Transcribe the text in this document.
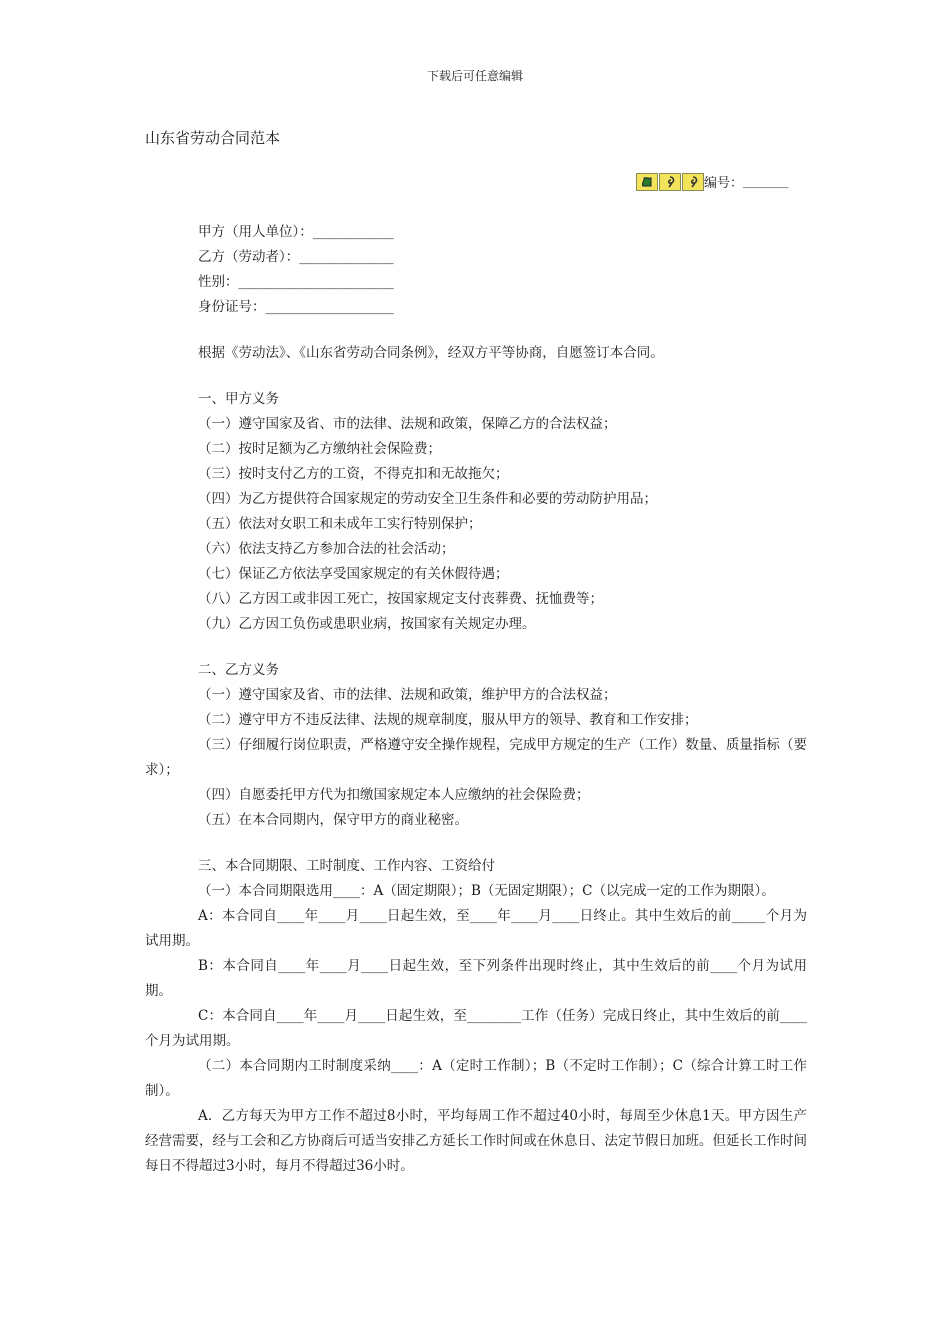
下载后可任意编辑
山东省劳动合同范本
编号： _______
甲方（用人单位）：____________
乙方（劳动者）：______________
性别：_______________________
身份证号：___________________
根据《劳动法》、《山东省劳动合同条例》，经双方平等协商，自愿签订本合同。
一、甲方义务
（一）遵守国家及省、市的法律、法规和政策，保障乙方的合法权益；
（二）按时足额为乙方缴纳社会保险费；
（三）按时支付乙方的工资，不得克扣和无故拖欠；
（四）为乙方提供符合国家规定的劳动安全卫生条件和必要的劳动防护用品；
（五）依法对女职工和未成年工实行特别保护；
（六）依法支持乙方参加合法的社会活动；
（七）保证乙方依法享受国家规定的有关休假待遇；
（八）乙方因工或非因工死亡，按国家规定支付丧葬费、抚恤费等；
（九）乙方因工负伤或患职业病，按国家有关规定办理。
二、乙方义务
（一）遵守国家及省、市的法律、法规和政策，维护甲方的合法权益；
（二）遵守甲方不违反法律、法规的规章制度，服从甲方的领导、教育和工作安排；
（三）仔细履行岗位职责，严格遵守安全操作规程，完成甲方规定的生产（工作）数量、质量指标（要求）；
（四）自愿委托甲方代为扣缴国家规定本人应缴纳的社会保险费；
（五）在本合同期内，保守甲方的商业秘密。
三、本合同期限、工时制度、工作内容、工资给付
（一）本合同期限选用____：A（固定期限）；B（无固定期限）；C（以完成一定的工作为期限）。
A：本合同自____年____月____日起生效，至____年____月____日终止。其中生效后的前_____个月为试用期。
B：本合同自____年____月____日起生效，至下列条件出现时终止，其中生效后的前____个月为试用期。
C：本合同自____年____月____日起生效，至________工作（任务）完成日终止，其中生效后的前____个月为试用期。
（二）本合同期内工时制度采纳____：A（定时工作制）；B（不定时工作制）；C（综合计算工时工作制）。
A．乙方每天为甲方工作不超过8小时，平均每周工作不超过40小时，每周至少休息1天。甲方因生产经营需要，经与工会和乙方协商后可适当安排乙方延长工作时间或在休息日、法定节假日加班。但延长工作时间每日不得超过3小时，每月不得超过36小时。
